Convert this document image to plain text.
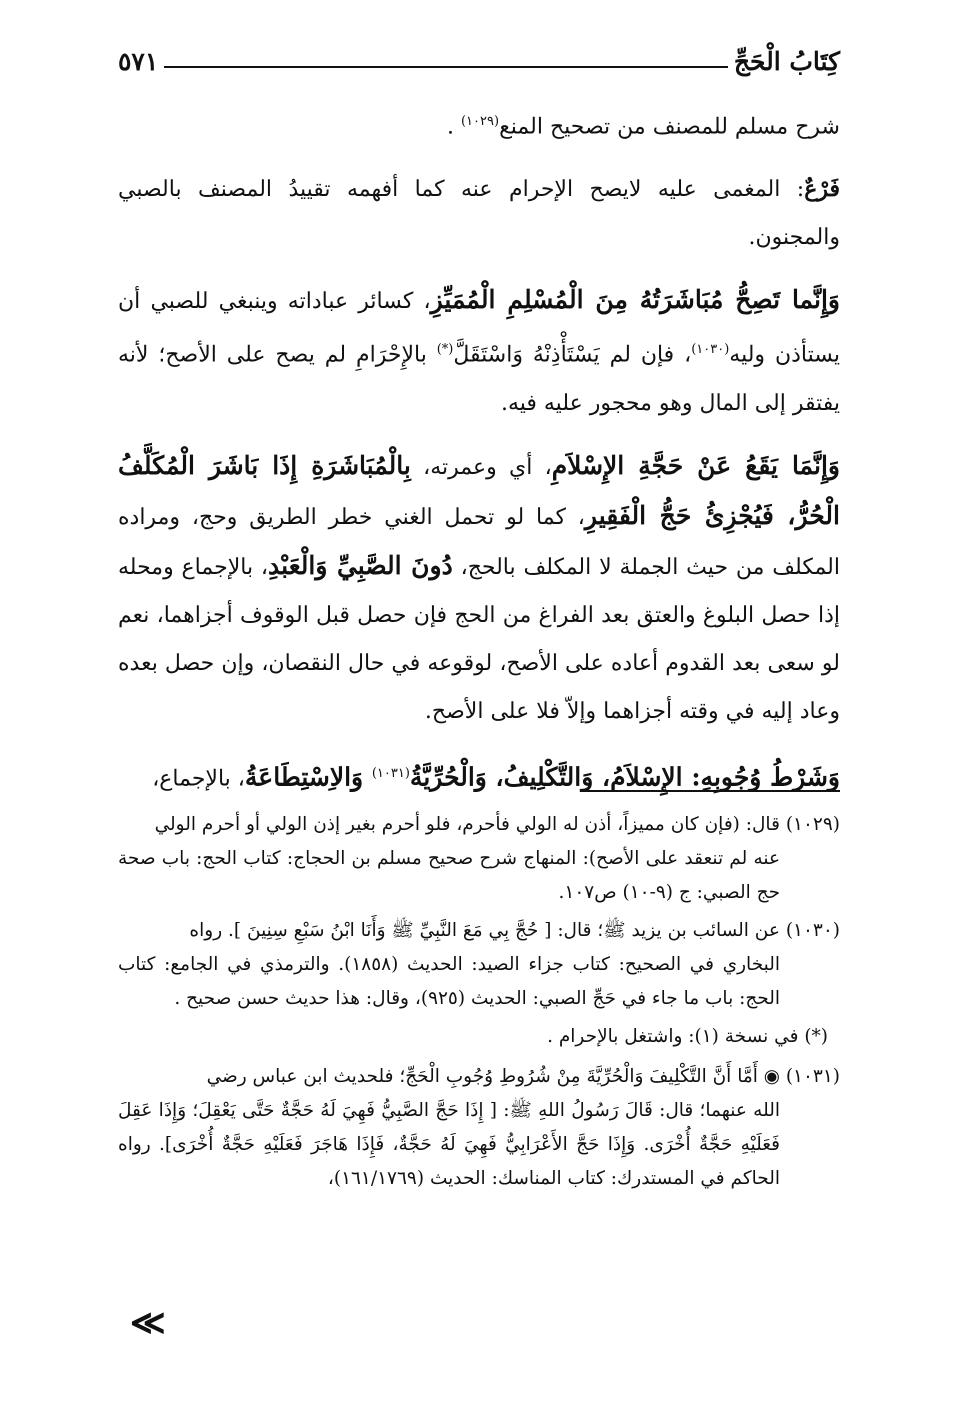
كِتَابُ الْحَجِّ
٥٧١

شرح مسلم للمصنف من تصحيح المنع$^{(١٠٢٩)}$ .

فَرْعٌ: المغمى عليه لايصح الإحرام عنه كما أفهمه تقييدُ المصنف بالصبي والمجنون.

وَإِنَّما تَصِحُّ مُبَاشَرَتُهُ مِنَ الْمُسْلِمِ الْمُمَيِّزِ، كسائر عباداته وينبغي للصبي أن يستأذن وليه$^{(١٠٣٠)}$، فإن لم يَسْتَأْذِنْهُ وَاسْتَقَلَّ(*) بالإِحْرَامِ لم يصح على الأصح؛ لأنه يفتقر إلى المال وهو محجور عليه فيه.

وَإِنَّمَا يَقَعُ عَنْ حَجَّةِ الإِسْلاَمِ، أي وعمرته، بِالْمُبَاشَرَةِ إِذَا بَاشَرَ الْمُكَلَّفُ الْحُرُّ، فَيُجْزِئُ حَجُّ الْفَقِيرِ، كما لو تحمل الغني خطر الطريق وحج، ومراده المكلف من حيث الجملة لا المكلف بالحج، دُونَ الصَّبِيِّ وَالْعَبْدِ، بالإجماع ومحله إذا حصل البلوغ والعتق بعد الفراغ من الحج فإن حصل قبل الوقوف أجزاهما، نعم لو سعى بعد القدوم أعاده على الأصح، لوقوعه في حال النقصان، وإن حصل بعده وعاد إليه في وقته أجزاهما وإلاّ فلا على الأصح.

وَشَرْطُ وُجُوبِهِ: الإِسْلاَمُ، وَالتَّكْلِيفُ، وَالْحُرِّيَّةُ$^{(١٠٣١)}$ وَالاِسْتِطَاعَةُ، بالإجماع،

(١٠٢٩) قال: (فإن كان مميزاً، أذن له الولي فأحرم، فلو أحرم بغير إذن الولي أو أحرم الولي
عنه لم تنعقد على الأصح): المنهاج شرح صحيح مسلم بن الحجاج: كتاب الحج: باب صحة حج الصبي: ج (٩-١٠) ص١٠٧.

(١٠٣٠) عن السائب بن يزيد ﷺ؛ قال: [ حُجَّ بِي مَعَ النَّبِيِّ ﷺ وَأَنَا ابْنُ سَبْعِ سِنِينَ ]. رواه
البخاري في الصحيح: كتاب جزاء الصيد: الحديث (١٨٥٨). والترمذي في الجامع: كتاب الحج: باب ما جاء في حَجِّ الصبي: الحديث (٩٢٥)، وقال: هذا حديث حسن صحيح .

(*) في نسخة (١): واشتغل بالإحرام .

(١٠٣١) ◉ أَمَّا أَنَّ التَّكْلِيفَ وَالْحُرِّيَّةَ مِنْ شُرُوطِ وُجُوبِ الْحَجِّ؛ فلحديث ابن عباس رضي
الله عنهما؛ قال: قَالَ رَسُولُ اللهِ ﷺ: [ إِذَا حَجَّ الصَّبِيُّ فَهِيَ لَهُ حَجَّةٌ حَتَّى يَعْقِلَ؛ وَإِذَا عَقِلَ فَعَلَيْهِ حَجَّةٌ أُخْرَى. وَإِذَا حَجَّ الأَعْرَابِيُّ فَهِيَ لَهُ حَجَّةٌ، فَإِذَا هَاجَرَ فَعَلَيْهِ حَجَّةٌ أُخْرَى]. رواه الحاكم في المستدرك: كتاب المناسك: الحديث (١٦١/١٧٦٩)،

≪
